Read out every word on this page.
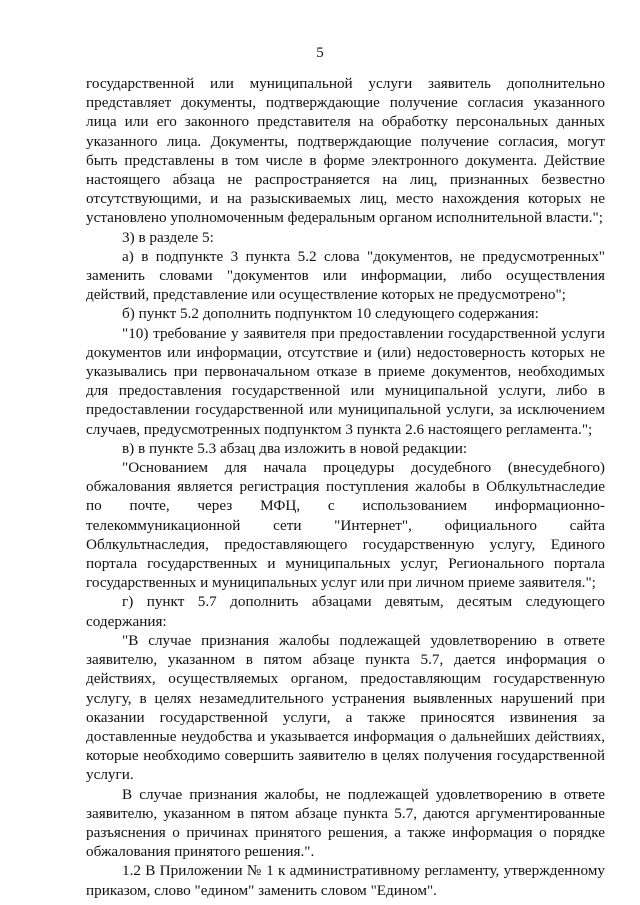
5

государственной или муниципальной услуги заявитель дополнительно представляет документы, подтверждающие получение согласия указанного лица или его законного представителя на обработку персональных данных указанного лица. Документы, подтверждающие получение согласия, могут быть представлены в том числе в форме электронного документа. Действие настоящего абзаца не распространяется на лиц, признанных безвестно отсутствующими, и на разыскиваемых лиц, место нахождения которых не установлено уполномоченным федеральным органом исполнительной власти.";

3) в разделе 5:

а) в подпункте 3 пункта 5.2 слова "документов, не предусмотренных" заменить словами "документов или информации, либо осуществления действий, представление или осуществление которых не предусмотрено";

б) пункт 5.2 дополнить подпунктом 10 следующего содержания:

"10) требование у заявителя при предоставлении государственной услуги документов или информации, отсутствие и (или) недостоверность которых не указывались при первоначальном отказе в приеме документов, необходимых для предоставления государственной или муниципальной услуги, либо в предоставлении государственной или муниципальной услуги, за исключением случаев, предусмотренных подпунктом 3 пункта 2.6 настоящего регламента.";

в) в пункте 5.3 абзац два изложить в новой редакции:

"Основанием для начала процедуры досудебного (внесудебного) обжалования является регистрация поступления жалобы в Облкультнаследие по почте, через МФЦ, с использованием информационно-телекоммуникационной сети "Интернет", официального сайта Облкультнаследия, предоставляющего государственную услугу, Единого портала государственных и муниципальных услуг, Регионального портала государственных и муниципальных услуг или при личном приеме заявителя.";

г) пункт 5.7 дополнить абзацами девятым, десятым следующего содержания:

"В случае признания жалобы подлежащей удовлетворению в ответе заявителю, указанном в пятом абзаце пункта 5.7, дается информация о действиях, осуществляемых органом, предоставляющим государственную услугу, в целях незамедлительного устранения выявленных нарушений при оказании государственной услуги, а также приносятся извинения за доставленные неудобства и указывается информация о дальнейших действиях, которые необходимо совершить заявителю в целях получения государственной услуги.

В случае признания жалобы, не подлежащей удовлетворению в ответе заявителю, указанном в пятом абзаце пункта 5.7, даются аргументированные разъяснения о причинах принятого решения, а также информация о порядке обжалования принятого решения.".

1.2 В Приложении № 1 к административному регламенту, утвержденному приказом, слово "едином" заменить словом "Едином".
